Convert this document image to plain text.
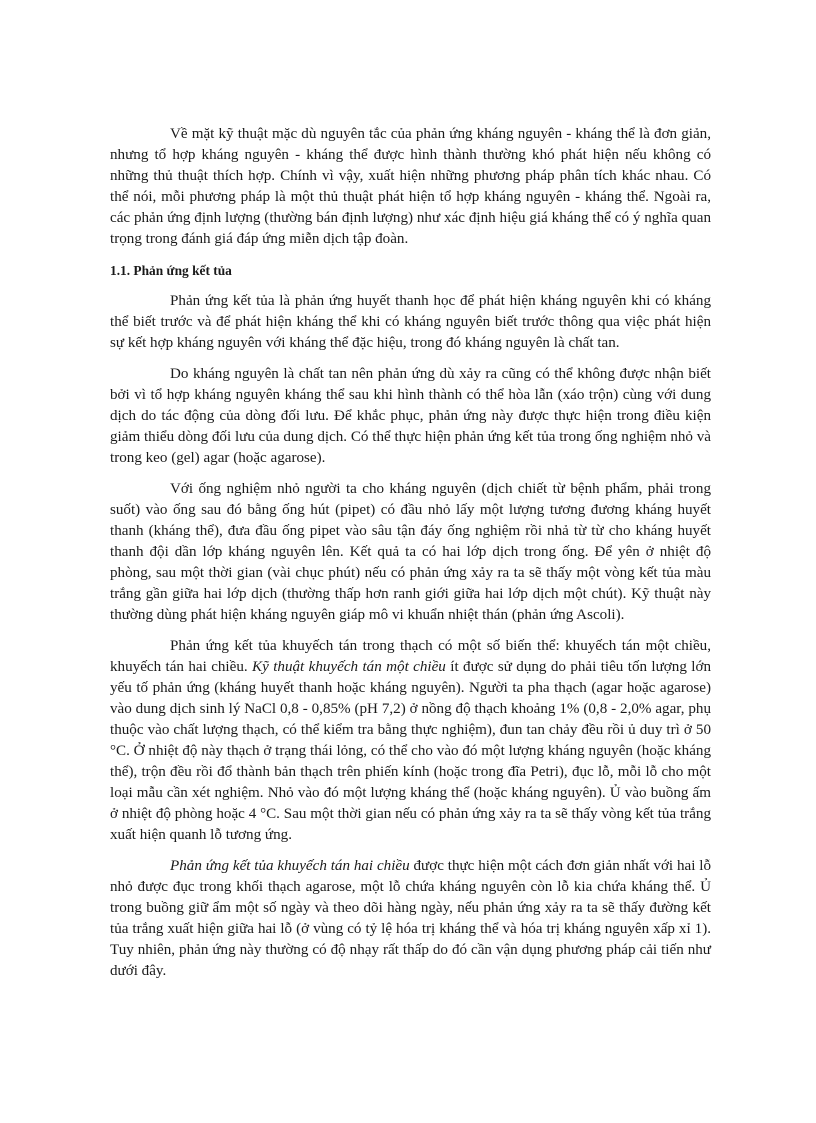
Về mặt kỹ thuật mặc dù nguyên tắc của phản ứng kháng nguyên - kháng thể là đơn giản, nhưng tổ hợp kháng nguyên - kháng thể được hình thành thường khó phát hiện nếu không có những thủ thuật thích hợp. Chính vì vậy, xuất hiện những phương pháp phân tích khác nhau. Có thể nói, mỗi phương pháp là một thủ thuật phát hiện tổ hợp kháng nguyên - kháng thể. Ngoài ra, các phản ứng định lượng (thường bán định lượng) như xác định hiệu giá kháng thể có ý nghĩa quan trọng trong đánh giá đáp ứng miễn dịch tập đoàn.

1.1. Phản ứng kết tủa

Phản ứng kết tủa là phản ứng huyết thanh học để phát hiện kháng nguyên khi có kháng thể biết trước và để phát hiện kháng thể khi có kháng nguyên biết trước thông qua việc phát hiện sự kết hợp kháng nguyên với kháng thể đặc hiệu, trong đó kháng nguyên là chất tan.

Do kháng nguyên là chất tan nên phản ứng dù xảy ra cũng có thể không được nhận biết bởi vì tổ hợp kháng nguyên kháng thể sau khi hình thành có thể hòa lẫn (xáo trộn) cùng với dung dịch do tác động của dòng đối lưu. Để khắc phục, phản ứng này được thực hiện trong điều kiện giảm thiểu dòng đối lưu của dung dịch. Có thể thực hiện phản ứng kết tủa trong ống nghiệm nhỏ và trong keo (gel) agar (hoặc agarose).

Với ống nghiệm nhỏ người ta cho kháng nguyên (dịch chiết từ bệnh phẩm, phải trong suốt) vào ống sau đó bằng ống hút (pipet) có đầu nhỏ lấy một lượng tương đương kháng huyết thanh (kháng thể), đưa đầu ống pipet vào sâu tận đáy ống nghiệm rồi nhả từ từ cho kháng huyết thanh đội dần lớp kháng nguyên lên. Kết quả ta có hai lớp dịch trong ống. Để yên ở nhiệt độ phòng, sau một thời gian (vài chục phút) nếu có phản ứng xảy ra ta sẽ thấy một vòng kết tủa màu trắng gần giữa hai lớp dịch (thường thấp hơn ranh giới giữa hai lớp dịch một chút). Kỹ thuật này thường dùng phát hiện kháng nguyên giáp mô vi khuẩn nhiệt thán (phản ứng Ascoli).

Phản ứng kết tủa khuyếch tán trong thạch có một số biến thể: khuyếch tán một chiều, khuyếch tán hai chiều. Kỹ thuật khuyếch tán một chiều ít được sử dụng do phải tiêu tốn lượng lớn yếu tố phản ứng (kháng huyết thanh hoặc kháng nguyên). Người ta pha thạch (agar hoặc agarose) vào dung dịch sinh lý NaCl 0,8 - 0,85% (pH 7,2) ở nồng độ thạch khoảng 1% (0,8 - 2,0% agar, phụ thuộc vào chất lượng thạch, có thể kiểm tra bằng thực nghiệm), đun tan chảy đều rồi ủ duy trì ở 50 °C. Ở nhiệt độ này thạch ở trạng thái lỏng, có thể cho vào đó một lượng kháng nguyên (hoặc kháng thể), trộn đều rồi đổ thành bản thạch trên phiến kính (hoặc trong đĩa Petri), đục lỗ, mỗi lỗ cho một loại mẫu cần xét nghiệm. Nhỏ vào đó một lượng kháng thể (hoặc kháng nguyên). Ủ vào buồng ấm ở nhiệt độ phòng hoặc 4 °C. Sau một thời gian nếu có phản ứng xảy ra ta sẽ thấy vòng kết tủa trắng xuất hiện quanh lỗ tương ứng.

Phản ứng kết tủa khuyếch tán hai chiều được thực hiện một cách đơn giản nhất với hai lỗ nhỏ được đục trong khối thạch agarose, một lỗ chứa kháng nguyên còn lỗ kia chứa kháng thể. Ủ trong buồng giữ ẩm một số ngày và theo dõi hàng ngày, nếu phản ứng xảy ra ta sẽ thấy đường kết tủa trắng xuất hiện giữa hai lỗ (ở vùng có tỷ lệ hóa trị kháng thể và hóa trị kháng nguyên xấp xỉ 1). Tuy nhiên, phản ứng này thường có độ nhạy rất thấp do đó cần vận dụng phương pháp cải tiến như dưới đây.
